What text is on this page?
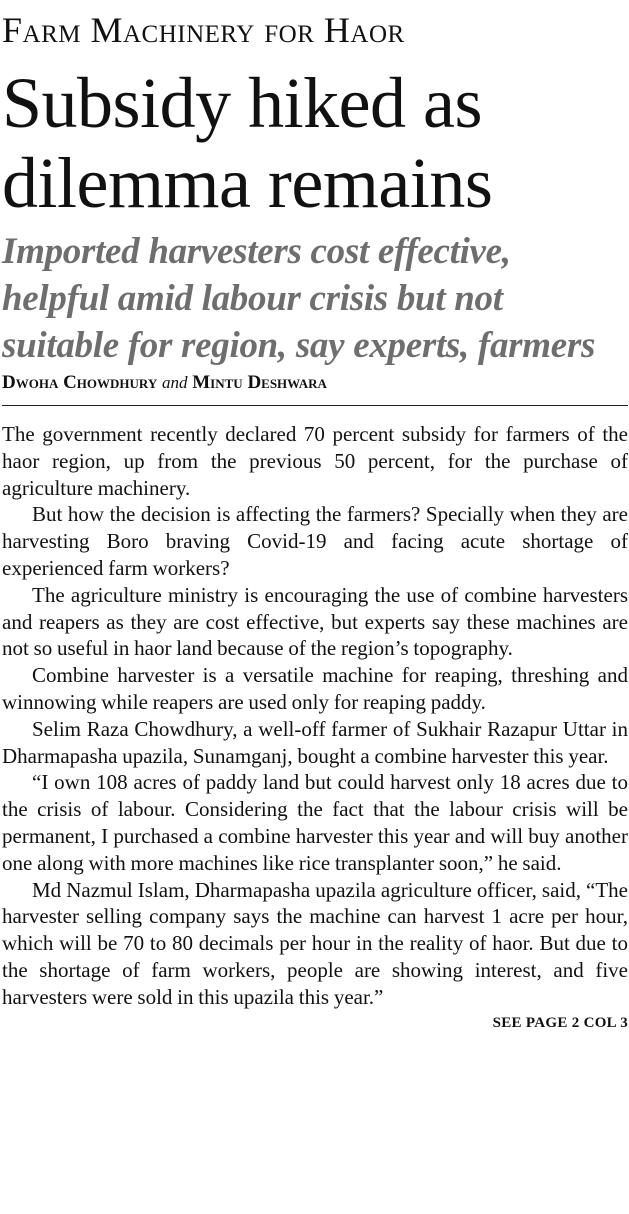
Farm Machinery for Haor
Subsidy hiked as
dilemma remains
Imported harvesters cost effective,
helpful amid labour crisis but not
suitable for region, say experts, farmers
Dwoha Chowdhury and Mintu Deshwara

The government recently declared 70 percent subsidy for farmers of the haor region, up from the previous 50 percent, for the purchase of agriculture machinery.

But how the decision is affecting the farmers? Specially when they are harvesting Boro braving Covid-19 and facing acute shortage of experienced farm workers?

The agriculture ministry is encouraging the use of combine harvesters and reapers as they are cost effective, but experts say these machines are not so useful in haor land because of the region’s topography.

Combine harvester is a versatile machine for reaping, threshing and winnowing while reapers are used only for reaping paddy.

Selim Raza Chowdhury, a well-off farmer of Sukhair Razapur Uttar in Dharmapasha upazila, Sunamganj, bought a combine harvester this year.

“I own 108 acres of paddy land but could harvest only 18 acres due to the crisis of labour. Considering the fact that the labour crisis will be permanent, I purchased a combine harvester this year and will buy another one along with more machines like rice transplanter soon,” he said.

Md Nazmul Islam, Dharmapasha upazila agriculture officer, said, “The harvester selling company says the machine can harvest 1 acre per hour, which will be 70 to 80 decimals per hour in the reality of haor. But due to the shortage of farm workers, people are showing interest, and five harvesters were sold in this upazila this year.”

SEE PAGE 2 COL 3
